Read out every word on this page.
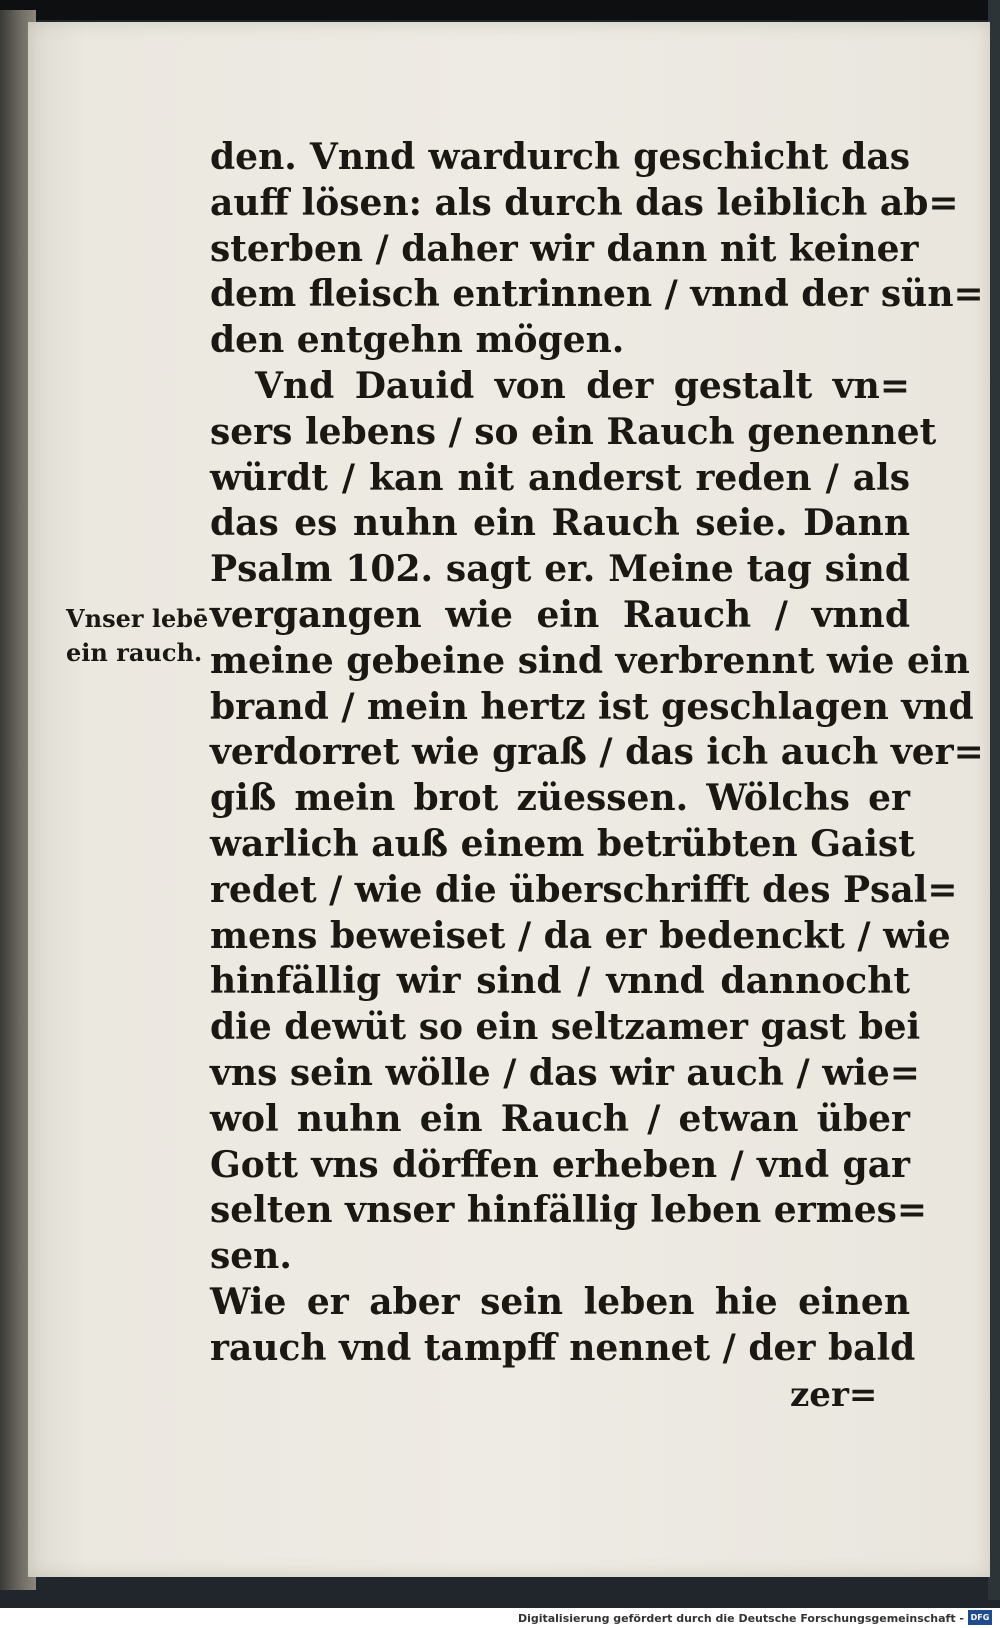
Vnser lebē
ein rauch.
den. Vnnd wardurch geschicht das
auff lösen: als durch das leiblich ab=
sterben / daher wir dann nit keiner
dem fleisch entrinnen / vnnd der sün=
den entgehn mögen.
Vnd Dauid von der gestalt vn=
sers lebens / so ein Rauch genennet
würdt / kan nit anderst reden / als
das es nuhn ein Rauch seie. Dann
Psalm 102. sagt er. Meine tag sind
vergangen wie ein Rauch / vnnd
meine gebeine sind verbrennt wie ein
brand / mein hertz ist geschlagen vnd
verdorret wie graß / das ich auch ver=
giß mein brot züessen. Wölchs er
warlich auß einem betrübten Gaist
redet / wie die überschrifft des Psal=
mens beweiset / da er bedenckt / wie
hinfällig wir sind / vnnd dannocht
die dewüt so ein seltzamer gast bei
vns sein wölle / das wir auch / wie=
wol nuhn ein Rauch / etwan über
Gott vns dörffen erheben / vnd gar
selten vnser hinfällig leben ermes=
sen.
Wie er aber sein leben hie einen
rauch vnd tampff nennet / der bald
zer=
Digitalisierung gefördert durch die Deutsche Forschungsgemeinschaft - DFG
